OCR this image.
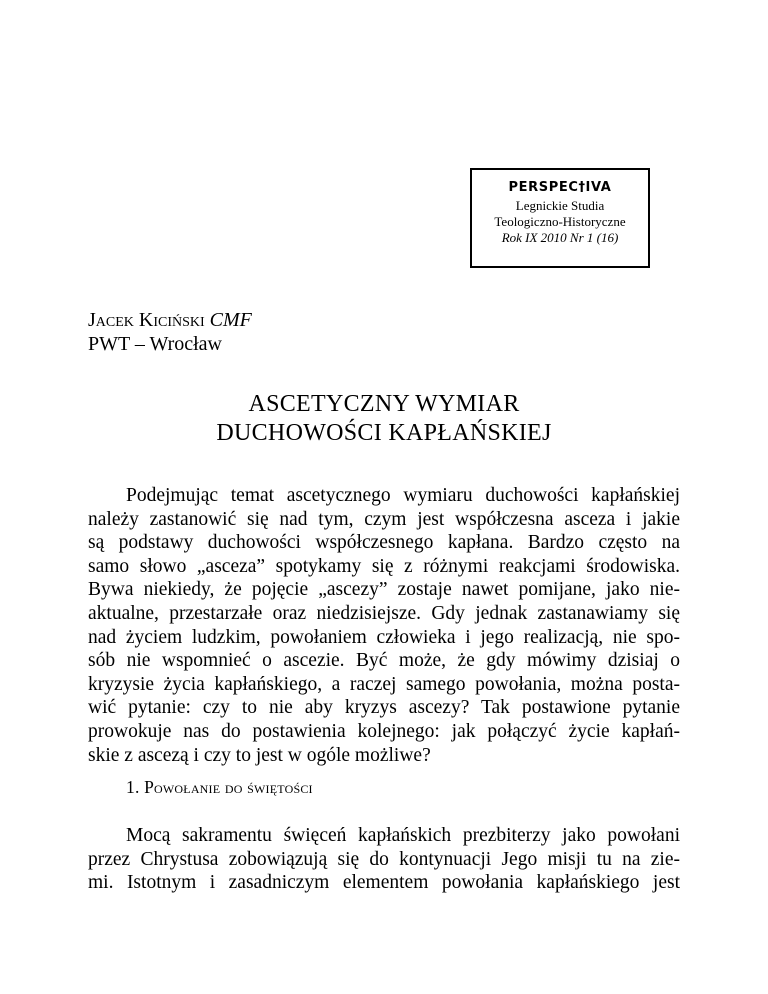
PERSPEC†IVA
Legnickie Studia
Teologiczno-Historyczne
Rok IX 2010 Nr 1 (16)
Jacek Kiciński CMF
PWT – Wrocław
ASCETYCZNY WYMIAR
DUCHOWOŚCI KAPŁAŃSKIEJ
Podejmując temat ascetycznego wymiaru duchowości kapłańskiej
należy zastanowić się nad tym, czym jest współczesna asceza i jakie
są podstawy duchowości współczesnego kapłana. Bardzo często na
samo słowo „asceza” spotykamy się z różnymi reakcjami środowiska.
Bywa niekiedy, że pojęcie „ascezy” zostaje nawet pomijane, jako nie-
aktualne, przestarzałe oraz niedzisiejsze. Gdy jednak zastanawiamy się
nad życiem ludzkim, powołaniem człowieka i jego realizacją, nie spo-
sób nie wspomnieć o ascezie. Być może, że gdy mówimy dzisiaj o
kryzysie życia kapłańskiego, a raczej samego powołania, można posta-
wić pytanie: czy to nie aby kryzys ascezy? Tak postawione pytanie
prowokuje nas do postawienia kolejnego: jak połączyć życie kapłań-
skie z ascezą i czy to jest w ogóle możliwe?
1. Powołanie do świętości
Mocą sakramentu święceń kapłańskich prezbiterzy jako powołani
przez Chrystusa zobowiązują się do kontynuacji Jego misji tu na zie-
mi. Istotnym i zasadniczym elementem powołania kapłańskiego jest
